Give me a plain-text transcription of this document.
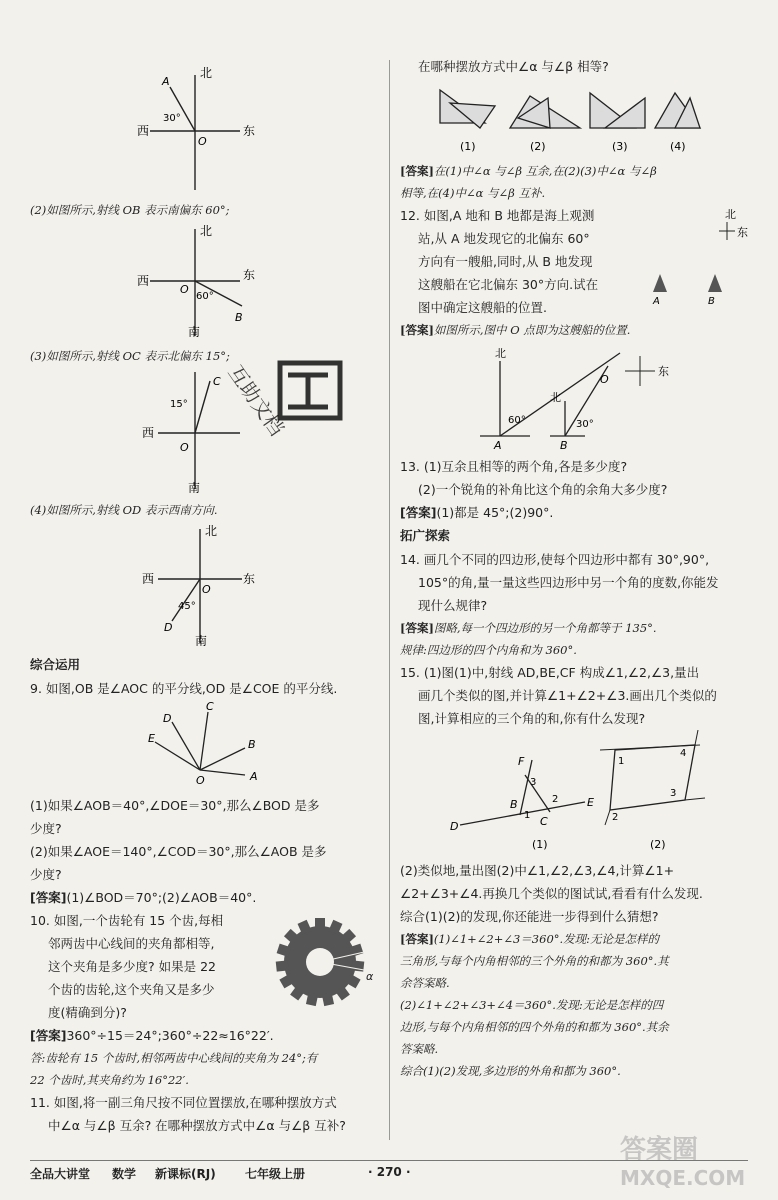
北
西	东
A
30°
O

(2)如图所示,射线 OB 表示南偏东 60°;

北
西	东
60°
O
B
南

(3)如图所示,射线 OC 表示北偏东 15°;

15°
C
西
O
南

(4)如图所示,射线 OD 表示西南方向.

北
西	东
O
45°
D
南

综合运用

9. 如图,OB 是∠AOC 的平分线,OD 是∠COE 的平分线.

A
B
C
D
E
O

(1)如果∠AOB＝40°,∠DOE＝30°,那么∠BOD 是多

少度?

(2)如果∠AOE＝140°,∠COD＝30°,那么∠AOB 是多

少度?

[答案](1)∠BOD＝70°;(2)∠AOB＝40°.

10. 如图,一个齿轮有 15 个齿,每相

邻两齿中心线间的夹角都相等,

这个夹角是多少度? 如果是 22

个齿的齿轮,这个夹角又是多少

度(精确到分)?

α

[答案]360°÷15＝24°;360°÷22≈16°22′.

答:齿轮有 15 个齿时,相邻两齿中心线间的夹角为 24°;有

22 个齿时,其夹角约为 16°22′.

11. 如图,将一副三角尺按不同位置摆放,在哪种摆放方式

中∠α 与∠β 互余? 在哪种摆放方式中∠α 与∠β 互补?

在哪种摆放方式中∠α 与∠β 相等?

(1)	(2)	(3)	(4)

[答案]在(1)中∠α 与∠β 互余,在(2)(3)中∠α 与∠β

相等,在(4)中∠α 与∠β 互补.

12. 如图,A 地和 B 地都是海上观测

站,从 A 地发现它的北偏东 60°

方向有一艘船,同时,从 B 地发现

这艘船在它北偏东 30°方向.试在

图中确定这艘船的位置.

北
东
A	B

[答案]如图所示,图中 O 点即为这艘船的位置.

北
北
60°	30°
A	B
O
东

13. (1)互余且相等的两个角,各是多少度?

(2)一个锐角的补角比这个角的余角大多少度?

[答案](1)都是 45°;(2)90°.

拓广探索

14. 画几个不同的四边形,使每个四边形中都有 30°,90°,

105°的角,量一量这些四边形中另一个角的度数,你能发

现什么规律?

[答案]图略,每一个四边形的另一个角都等于 135°.

规律:四边形的四个内角和为 360°.

15. (1)图(1)中,射线 AD,BE,CF 构成∠1,∠2,∠3,量出

画几个类似的图,并计算∠1+∠2+∠3.画出几个类似的

图,计算相应的三个角的和,你有什么发现?

D
B
F
C
E
3
1
2
1
4
3
2
(1)	(2)

(2)类似地,量出图(2)中∠1,∠2,∠3,∠4,计算∠1+

∠2+∠3+∠4.再换几个类似的图试试,看看有什么发现.

综合(1)(2)的发现,你还能进一步得到什么猜想?

[答案](1)∠1+∠2+∠3＝360°.发现:无论是怎样的

三角形,与每个内角相邻的三个外角的和都为 360°.其

余答案略.

(2)∠1+∠2+∠3+∠4＝360°.发现:无论是怎样的四

边形,与每个内角相邻的四个外角的和都为 360°.其余

答案略.

综合(1)(2)发现,多边形的外角和都为 360°.

互助文档
答案圈
MXQE.COM
全品大讲堂 数学 新课标(RJ) 七年级上册	· 270 ·
